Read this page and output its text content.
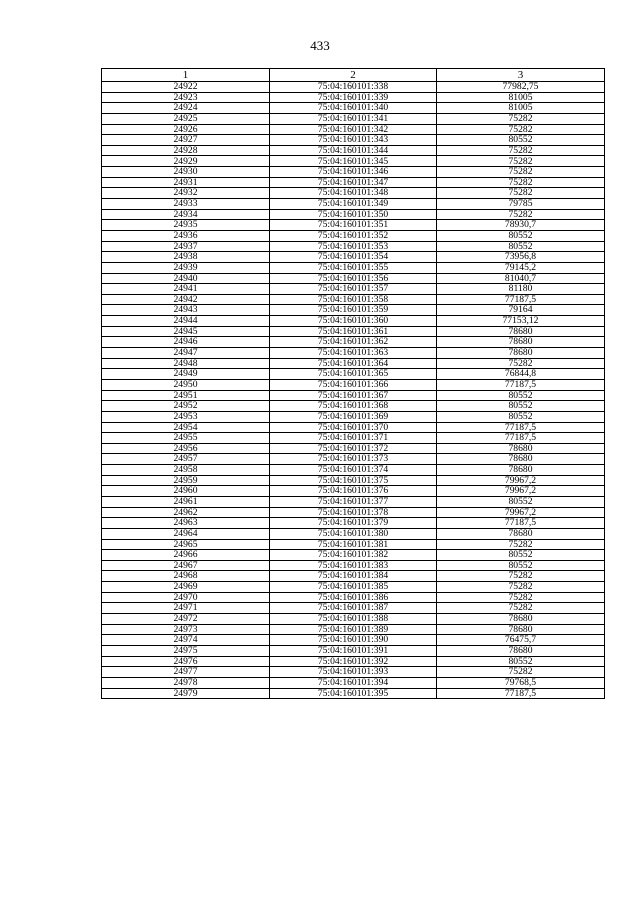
433
1	2	3
24922	75:04:160101:338	77982,75
24923	75:04:160101:339	81005
24924	75:04:160101:340	81005
24925	75:04:160101:341	75282
24926	75:04:160101:342	75282
24927	75:04:160101:343	80552
24928	75:04:160101:344	75282
24929	75:04:160101:345	75282
24930	75:04:160101:346	75282
24931	75:04:160101:347	75282
24932	75:04:160101:348	75282
24933	75:04:160101:349	79785
24934	75:04:160101:350	75282
24935	75:04:160101:351	78930,7
24936	75:04:160101:352	80552
24937	75:04:160101:353	80552
24938	75:04:160101:354	73956,8
24939	75:04:160101:355	79145,2
24940	75:04:160101:356	81040,7
24941	75:04:160101:357	81180
24942	75:04:160101:358	77187,5
24943	75:04:160101:359	79164
24944	75:04:160101:360	77153,12
24945	75:04:160101:361	78680
24946	75:04:160101:362	78680
24947	75:04:160101:363	78680
24948	75:04:160101:364	75282
24949	75:04:160101:365	76844,8
24950	75:04:160101:366	77187,5
24951	75:04:160101:367	80552
24952	75:04:160101:368	80552
24953	75:04:160101:369	80552
24954	75:04:160101:370	77187,5
24955	75:04:160101:371	77187,5
24956	75:04:160101:372	78680
24957	75:04:160101:373	78680
24958	75:04:160101:374	78680
24959	75:04:160101:375	79967,2
24960	75:04:160101:376	79967,2
24961	75:04:160101:377	80552
24962	75:04:160101:378	79967,2
24963	75:04:160101:379	77187,5
24964	75:04:160101:380	78680
24965	75:04:160101:381	75282
24966	75:04:160101:382	80552
24967	75:04:160101:383	80552
24968	75:04:160101:384	75282
24969	75:04:160101:385	75282
24970	75:04:160101:386	75282
24971	75:04:160101:387	75282
24972	75:04:160101:388	78680
24973	75:04:160101:389	78680
24974	75:04:160101:390	76475,7
24975	75:04:160101:391	78680
24976	75:04:160101:392	80552
24977	75:04:160101:393	75282
24978	75:04:160101:394	79768,5
24979	75:04:160101:395	77187,5
